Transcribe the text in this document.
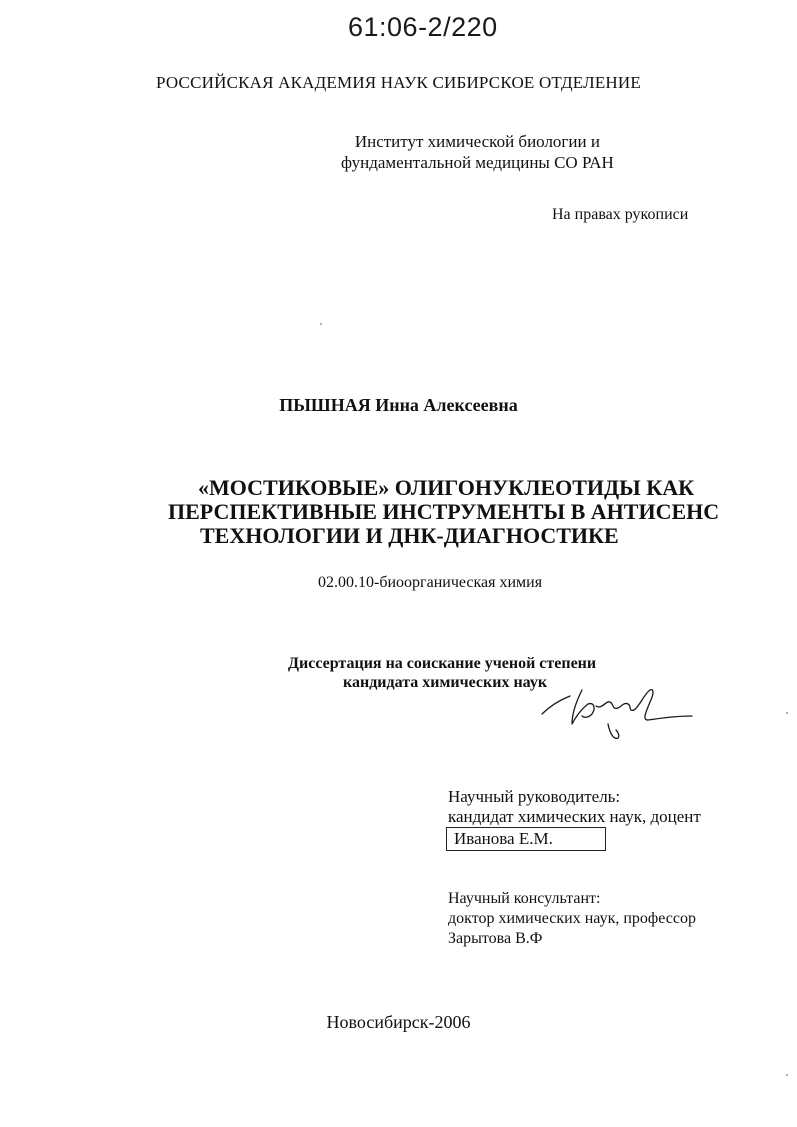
61:06-2/220
РОССИЙСКАЯ АКАДЕМИЯ НАУК СИБИРСКОЕ ОТДЕЛЕНИЕ
Институт химической биологии и
фундаментальной медицины СО РАН
На правах рукописи
ПЫШНАЯ Инна Алексеевна
«МОСТИКОВЫЕ» ОЛИГОНУКЛЕОТИДЫ КАК
ПЕРСПЕКТИВНЫЕ ИНСТРУМЕНТЫ В АНТИСЕНС
ТЕХНОЛОГИИ И ДНК-ДИАГНОСТИКЕ
02.00.10-биоорганическая химия
Диссертация на соискание ученой степени
кандидата химических наук
Научный руководитель:
кандидат химических наук, доцент
Иванова Е.М.
Научный консультант:
доктор химических наук, профессор
Зарытова В.Ф
Новосибирск-2006
